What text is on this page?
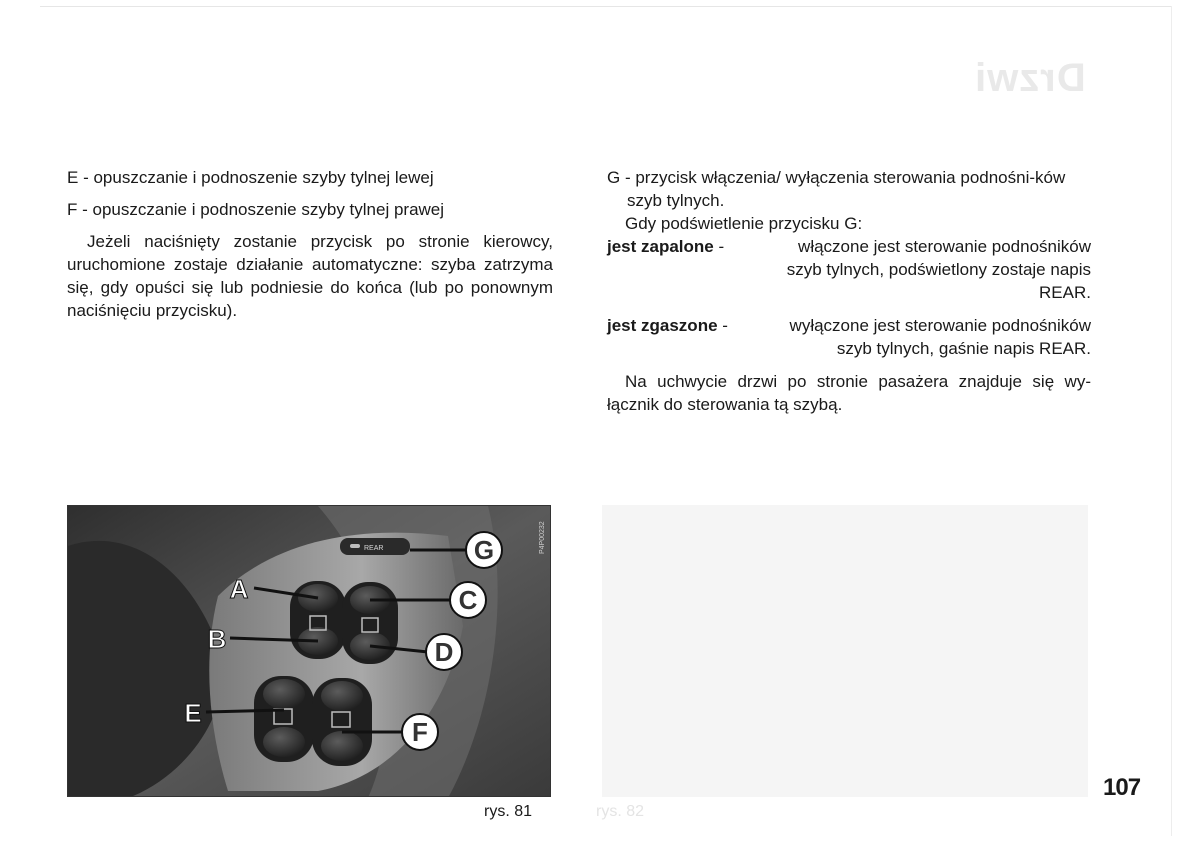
Drzwi

E - opuszczanie i podnoszenie szyby tylnej lewej

F - opuszczanie i podnoszenie szyby tylnej prawej

Jeżeli naciśnięty zostanie przycisk po stronie kierowcy, uruchomione zostaje działanie automatyczne: szyba zatrzyma się, gdy opuści się lub podniesie do końca (lub po ponownym naciśnięciu przycisku).

G - przycisk włączenia/ wyłączenia sterowania podnośni-ków szyb tylnych.

Gdy podświetlenie przycisku G:

jest zapalone -	włączone jest sterowanie podnośników
szyb tylnych, podświetlony zostaje napis
REAR.
jest zgaszone -	wyłączone jest sterowanie podnośników
szyb tylnych, gaśnie napis REAR.

Na uchwycie drzwi po stronie pasażera znajduje się wy-łącznik do sterowania tą szybą.

REAR	G
C
D
F
A
B
E
P4P00232
rys. 81	rys. 82
107
